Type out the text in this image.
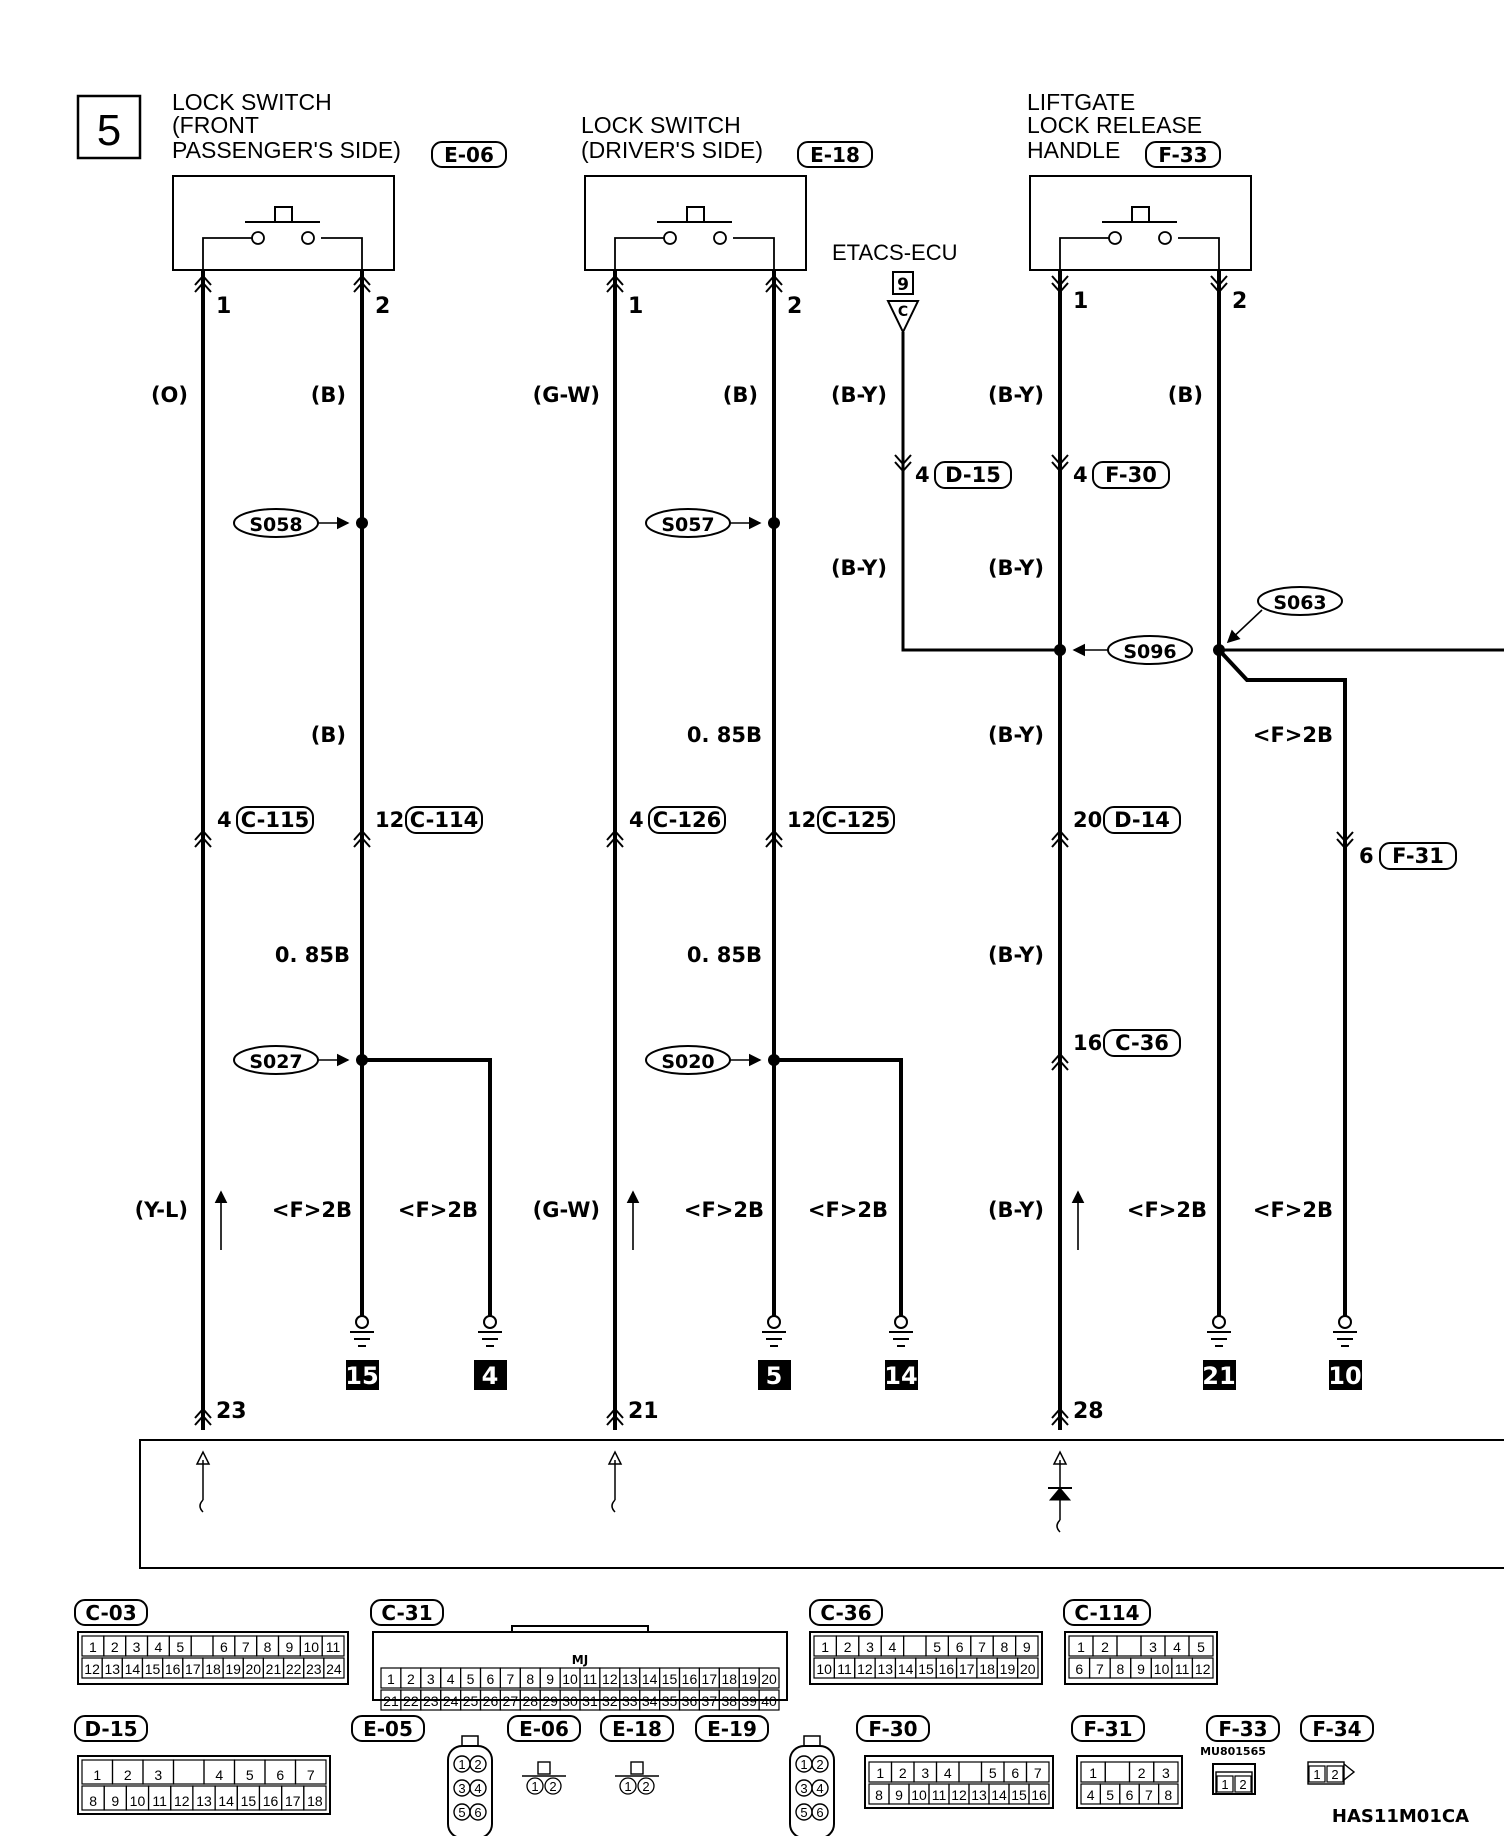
5
LOCK SWITCH
(FRONT
PASSENGER'S SIDE) E-06
LOCK SWITCH
(DRIVER'S SIDE) E-18
LIFTGATE
LOCK RELEASE
HANDLE F-33
ETACS-ECU
9
C
1	2	1	2	1	2
23	21	28
(O)	(B)	(G-W)	(B)	(B-Y)	(B-Y)	(B)
(B-Y)	(B-Y)
(B)	0. 85B	(B-Y)	<F>2B
0. 85B	0. 85B	(B-Y)
(Y-L)	<F>2B <F>2B	(G-W)	<F>2B <F>2B	(B-Y)	<F>2B <F>2B
S058	S057
S096
S063
S027	S020
4 C-115	12 C-114	4 C-126	12 C-125
4 D-15	4 F-30
20 D-14
6 F-31
16 C-36
15	4	5	14	21	10
C-03	C-31	C-36	C-114
D-15	E-05	E-06 E-18 E-19	F-30	F-31	F-33 F-34
1 2 3 4 5	6 7 8 9 10 11
12 13 14 15 16 17 18 19 20 21 22 23 24
1 2 3 4 5 6 7 8 9 10 11 12 13 14 15 16 17 18 19 20
21 22 23 24 25 26 27 28 29 30 31 32 33 34 35 36 37 38 39 40
1 2 3 4	5 6 7 8 9
10 11 12 13 14 15 16 17 18 19 20
1 2	3 4 5
6 7 8 9 10 11 12
1 2 3	4 5 6 7
8 9 10 11 12 13 14 15 16 17 18
1 2 3 4	5 6 7
8 9 10 11 12 13 14 15 16
1	2 3
4 5 6 7 8
MJ
1 2
3 4
5 6
1 2
3 4
5 6
1 2	1 2	1 2
1 2
MU801565
HAS11M01CA
